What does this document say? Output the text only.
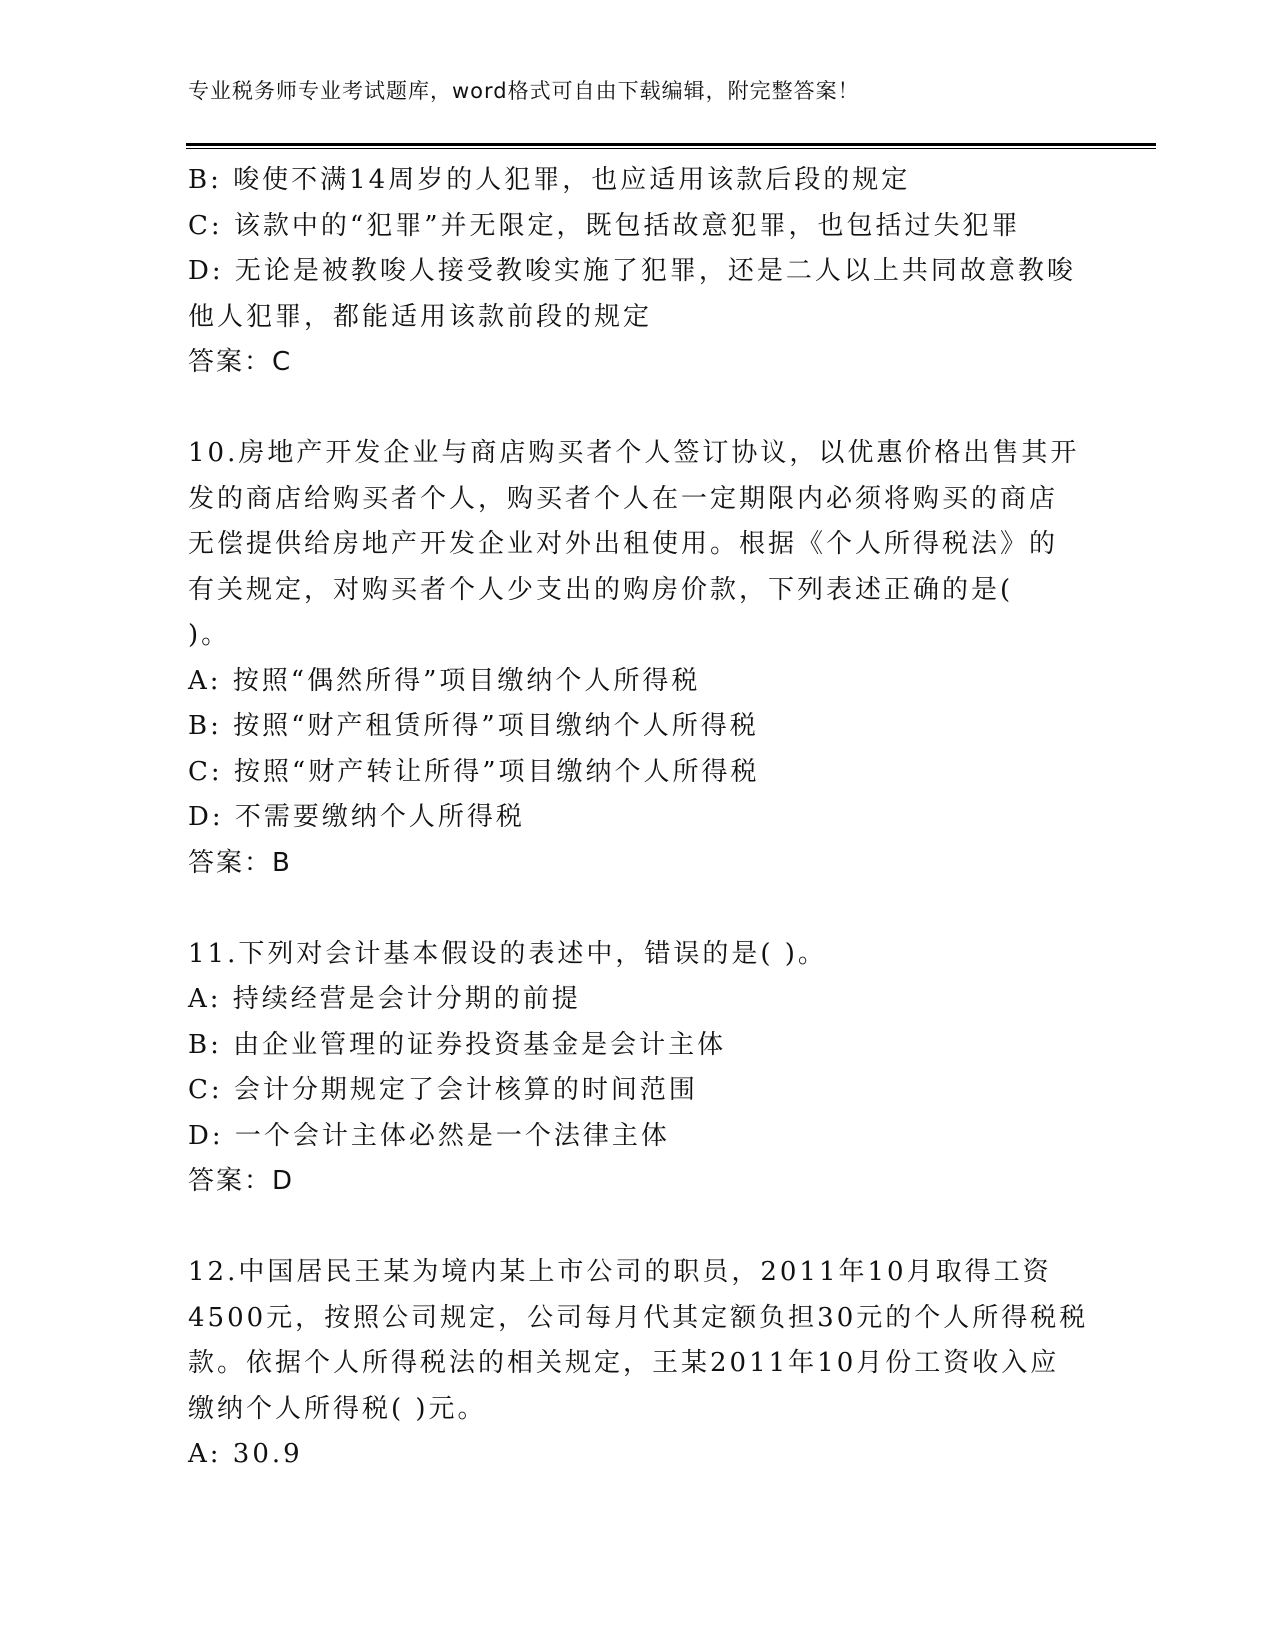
专业税务师专业考试题库，word格式可自由下载编辑，附完整答案！
B: 唆使不满14周岁的人犯罪，也应适用该款后段的规定
C: 该款中的“犯罪”并无限定，既包括故意犯罪，也包括过失犯罪
D: 无论是被教唆人接受教唆实施了犯罪，还是二人以上共同故意教唆
他人犯罪，都能适用该款前段的规定
答案：C
10.房地产开发企业与商店购买者个人签订协议，以优惠价格出售其开
发的商店给购买者个人，购买者个人在一定期限内必须将购买的商店
无偿提供给房地产开发企业对外出租使用。根据《个人所得税法》的
有关规定，对购买者个人少支出的购房价款，下列表述正确的是(
)。
A: 按照“偶然所得”项目缴纳个人所得税
B: 按照“财产租赁所得”项目缴纳个人所得税
C: 按照“财产转让所得”项目缴纳个人所得税
D: 不需要缴纳个人所得税
答案：B
11.下列对会计基本假设的表述中，错误的是( )。
A: 持续经营是会计分期的前提
B: 由企业管理的证券投资基金是会计主体
C: 会计分期规定了会计核算的时间范围
D: 一个会计主体必然是一个法律主体
答案：D
12.中国居民王某为境内某上市公司的职员，2011年10月取得工资
4500元，按照公司规定，公司每月代其定额负担30元的个人所得税税
款。依据个人所得税法的相关规定，王某2011年10月份工资收入应
缴纳个人所得税( )元。
A: 30.9
